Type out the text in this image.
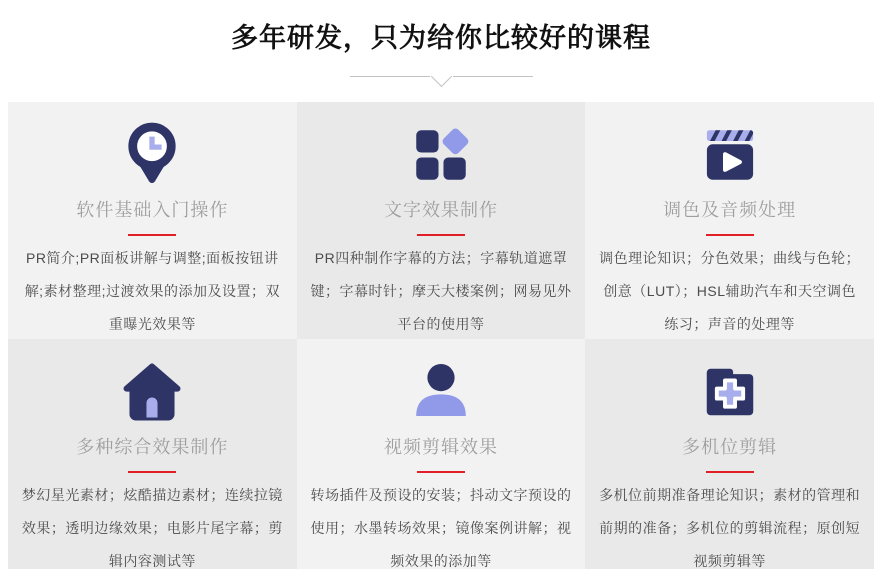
多年研发，只为给你比较好的课程
软件基础入门操作

PR简介;PR面板讲解与调整;面板按钮讲解;素材整理;过渡效果的添加及设置；双重曝光效果等

文字效果制作

PR四种制作字幕的方法；字幕轨道遮罩键；字幕时针；摩天大楼案例；网易见外平台的使用等

调色及音频处理

调色理论知识；分色效果；曲线与色轮；创意（LUT）；HSL辅助汽车和天空调色练习；声音的处理等

多种综合效果制作

梦幻星光素材；炫酷描边素材；连续拉镜效果；透明边缘效果；电影片尾字幕；剪辑内容测试等

视频剪辑效果

转场插件及预设的安装；抖动文字预设的使用；水墨转场效果；镜像案例讲解；视频效果的添加等

多机位剪辑

多机位前期准备理论知识；素材的管理和前期的准备；多机位的剪辑流程；原创短视频剪辑等
